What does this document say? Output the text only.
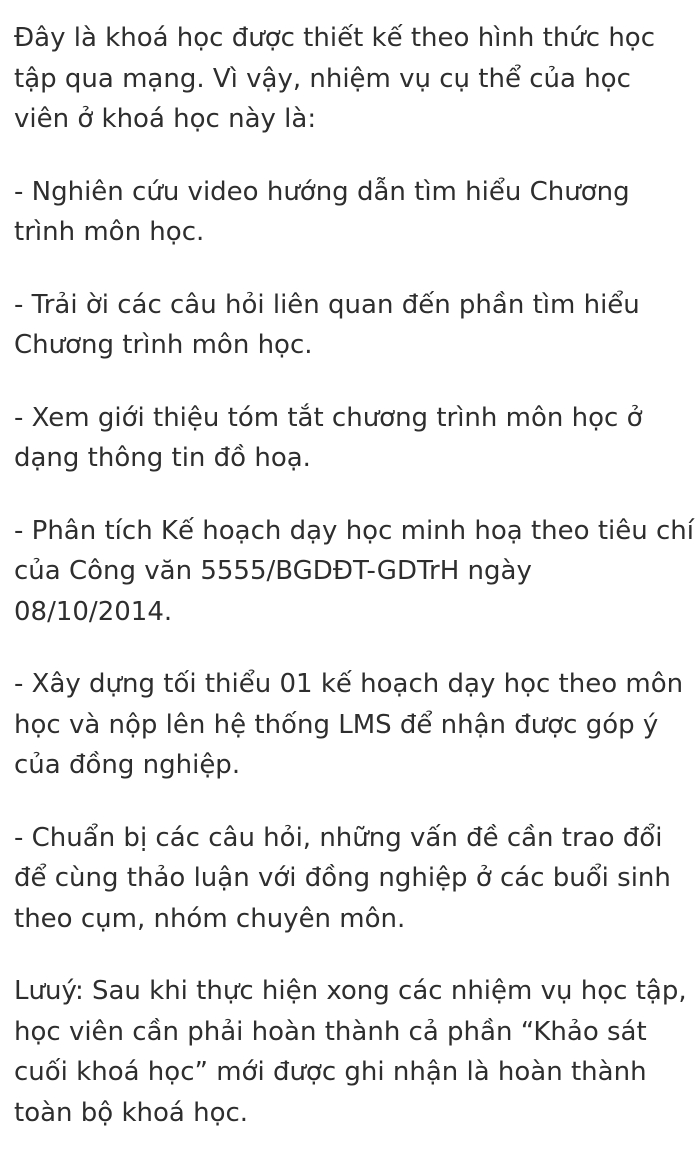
Đây là khoá học được thiết kế theo hình thức học tập qua mạng. Vì vậy, nhiệm vụ cụ thể của học viên ở khoá học này là:

- Nghiên cứu video hướng dẫn tìm hiểu Chương trình môn học.

- Trải ời các câu hỏi liên quan đến phần tìm hiểu Chương trình môn học.

- Xem giới thiệu tóm tắt chương trình môn học ở dạng thông tin đồ hoạ.

- Phân tích Kế hoạch dạy học minh hoạ theo tiêu chí của Công văn 5555/BGDĐT-GDTrH ngày 08/10/2014.

- Xây dựng tối thiểu 01 kế hoạch dạy học theo môn học và nộp lên hệ thống LMS để nhận được góp ý của đồng nghiệp.

- Chuẩn bị các câu hỏi, những vấn đề cần trao đổi để cùng thảo luận với đồng nghiệp ở các buổi sinh theo cụm, nhóm chuyên môn.

Lưuý: Sau khi thực hiện xong các nhiệm vụ học tập, học viên cần phải hoàn thành cả phần “Khảo sát cuối khoá học” mới được ghi nhận là hoàn thành toàn bộ khoá học.
